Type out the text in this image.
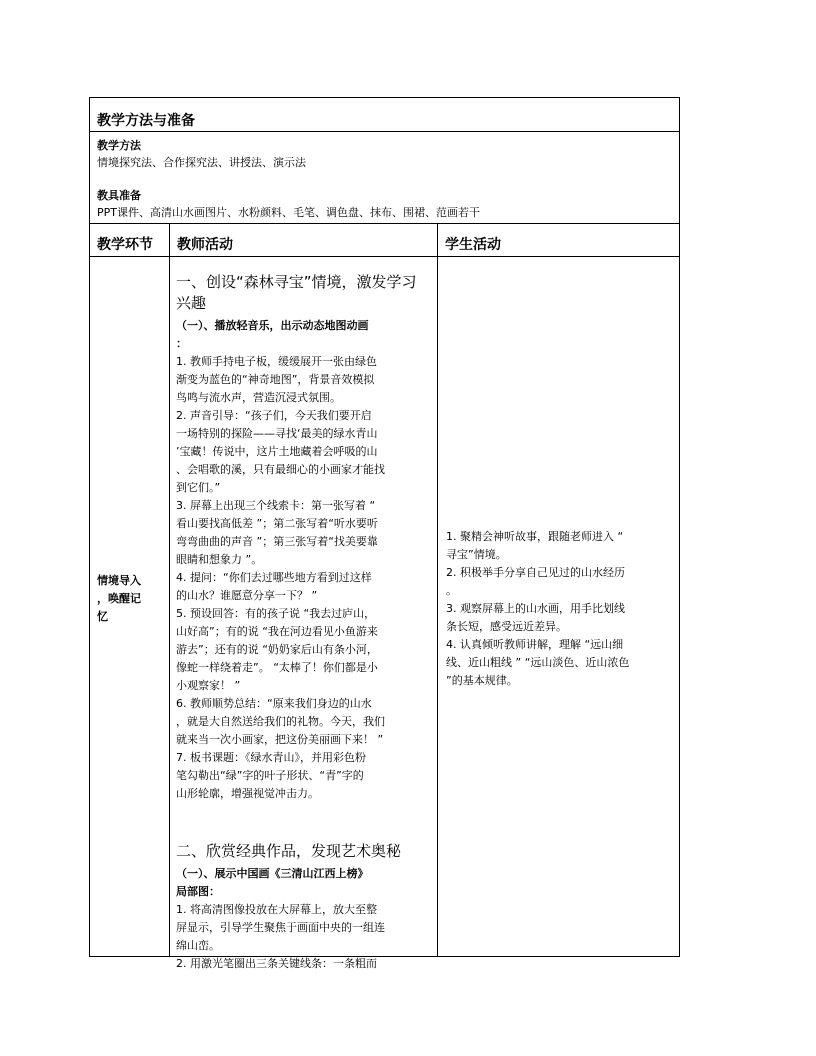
教学方法与准备
教学方法
情境探究法、合作探究法、讲授法、演示法
教具准备
PPT课件、高清山水画图片、水粉颜料、毛笔、调色盘、抹布、围裙、范画若干
教学环节 教师活动	学生活动

情境导入

，唤醒记

忆

一、创设“森林寻宝”情境，激发学习

兴趣

（一）、播放轻音乐，出示动态地图动画

：

1. 教师手持电子板，缓缓展开一张由绿色

渐变为蓝色的“神奇地图”，背景音效模拟

鸟鸣与流水声，营造沉浸式氛围。

2. 声音引导：“孩子们，今天我们要开启

一场特别的探险——寻找‘最美的绿水青山

’宝藏！传说中，这片土地藏着会呼吸的山

、会唱歌的溪，只有最细心的小画家才能找

到它们。”

3. 屏幕上出现三个线索卡：第一张写着 “

看山要找高低差 ”；第二张写着“听水要听

弯弯曲曲的声音 ”；第三张写着“找美要靠

眼睛和想象力 ”。

4. 提问：“你们去过哪些地方看到过这样

的山水？谁愿意分享一下？ ”

5. 预设回答：有的孩子说 “我去过庐山，

山好高”；有的说 “我在河边看见小鱼游来

游去”；还有的说 “奶奶家后山有条小河，

像蛇一样绕着走”。 “太棒了！你们都是小

小观察家！ ”

6. 教师顺势总结：“原来我们身边的山水

，就是大自然送给我们的礼物。今天，我们

就来当一次小画家，把这份美丽画下来！ ”

7. 板书课题：《绿水青山》，并用彩色粉

笔勾勒出“绿”字的叶子形状、“青”字的

山形轮廓，增强视觉冲击力。

二、欣赏经典作品，发现艺术奥秘

（一）、展示中国画《三清山江西上榜》

局部图：

1. 将高清图像投放在大屏幕上，放大至整

屏显示，引导学生聚焦于画面中央的一组连

绵山峦。

2. 用激光笔圈出三条关键线条：一条粗而

1. 聚精会神听故事，跟随老师进入 “

寻宝”情境。

2. 积极举手分享自己见过的山水经历

。

3. 观察屏幕上的山水画，用手比划线

条长短，感受远近差异。

4. 认真倾听教师讲解，理解 “远山细

线、近山粗线 ” “远山淡色、近山浓色

”的基本规律。
